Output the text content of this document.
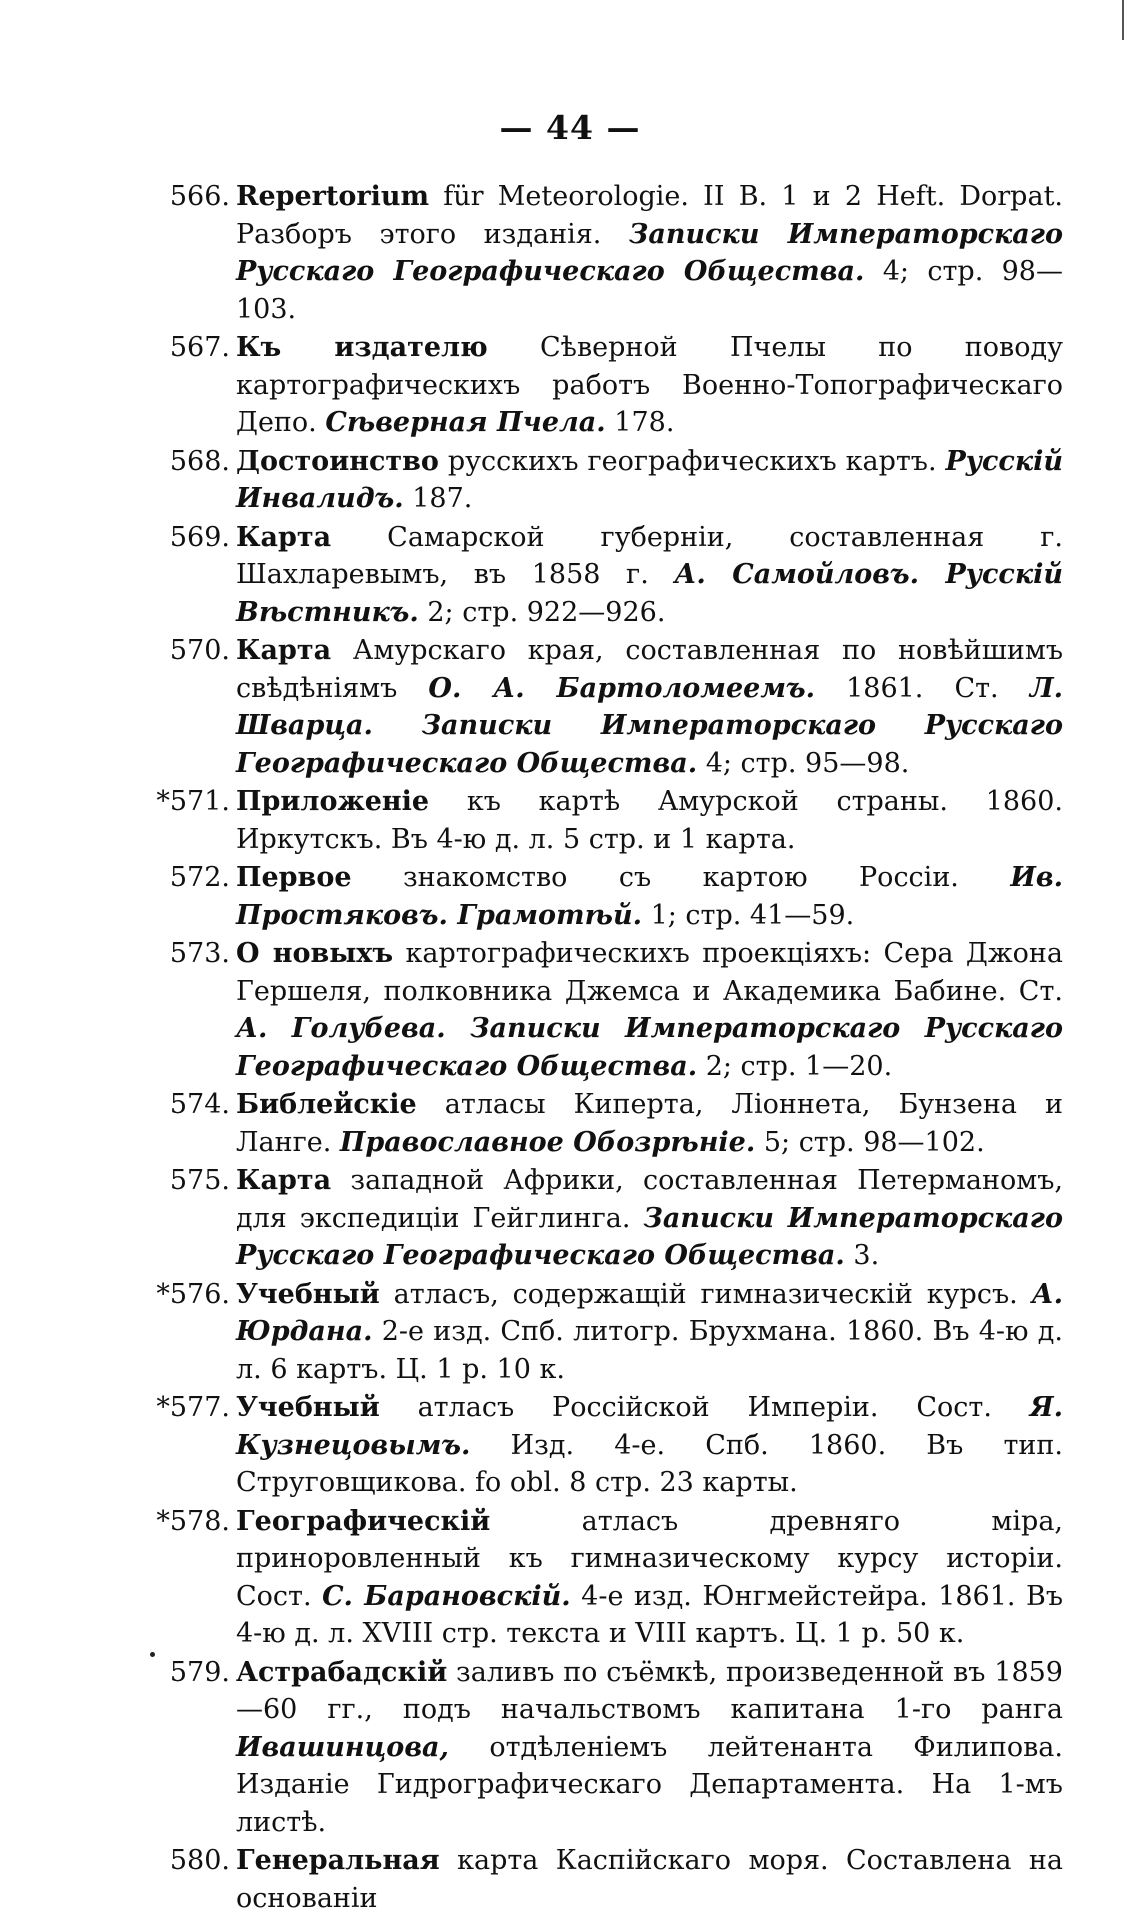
— 44 —
566. Repertorium für Meteorologie. II B. 1 и 2 Heft. Dorpat. Разборъ этого изданія. Записки Императорскаго Русскаго Географическаго Общества. 4; стр. 98—103.
567. Къ издателю Сѣверной Пчелы по поводу картографическихъ работъ Военно-Топографическаго Депо. Сѣверная Пчела. 178.
568. Достоинство русскихъ географическихъ картъ. Русскій Инвалидъ. 187.
569. Карта Самарской губерніи, составленная г. Шахларевымъ, въ 1858 г. А. Самойловъ. Русскій Вѣстникъ. 2; стр. 922—926.
570. Карта Амурскаго края, составленная по новѣйшимъ свѣдѣніямъ О. А. Бартоломеемъ. 1861. Ст. Л. Шварца. Записки Императорскаго Русскаго Географическаго Общества. 4; стр. 95—98.
*571. Приложеніе къ картѣ Амурской страны. 1860. Иркутскъ. Въ 4-ю д. л. 5 стр. и 1 карта.
572. Первое знакомство съ картою Россіи. Ив. Простяковъ. Грамотѣй. 1; стр. 41—59.
573. О новыхъ картографическихъ проекціяхъ: Сера Джона Гершеля, полковника Джемса и Академика Бабине. Ст. А. Голубева. Записки Императорскаго Русскаго Географическаго Общества. 2; стр. 1—20.
574. Библейскіе атласы Киперта, Ліоннета, Бунзена и Ланге. Православное Обозрѣніе. 5; стр. 98—102.
575. Карта западной Африки, составленная Петерманомъ, для экспедиціи Гейглинга. Записки Императорскаго Русскаго Географическаго Общества. 3.
*576. Учебный атласъ, содержащій гимназическій курсъ. А. Юрдана. 2-е изд. Спб. литогр. Брухмана. 1860. Въ 4-ю д. л. 6 картъ. Ц. 1 р. 10 к.
*577. Учебный атласъ Россійской Имперіи. Сост. Я. Кузнецовымъ. Изд. 4-е. Спб. 1860. Въ тип. Струговщикова. fo obl. 8 стр. 23 карты.
*578. Географическій атласъ древняго міра, приноровленный къ гимназическому курсу исторіи. Сост. С. Барановскій. 4-е изд. Юнгмейстейра. 1861. Въ 4-ю д. л. XVIII стр. текста и VIII картъ. Ц. 1 р. 50 к.
579. Астрабадскій заливъ по съёмкѣ, произведенной въ 1859—60 гг., подъ начальствомъ капитана 1-го ранга Ивашинцова, отдѣленіемъ лейтенанта Филипова. Изданіе Гидрографическаго Департамента. На 1-мъ листѣ.
580. Генеральная карта Каспійскаго моря. Составлена на основаніи
